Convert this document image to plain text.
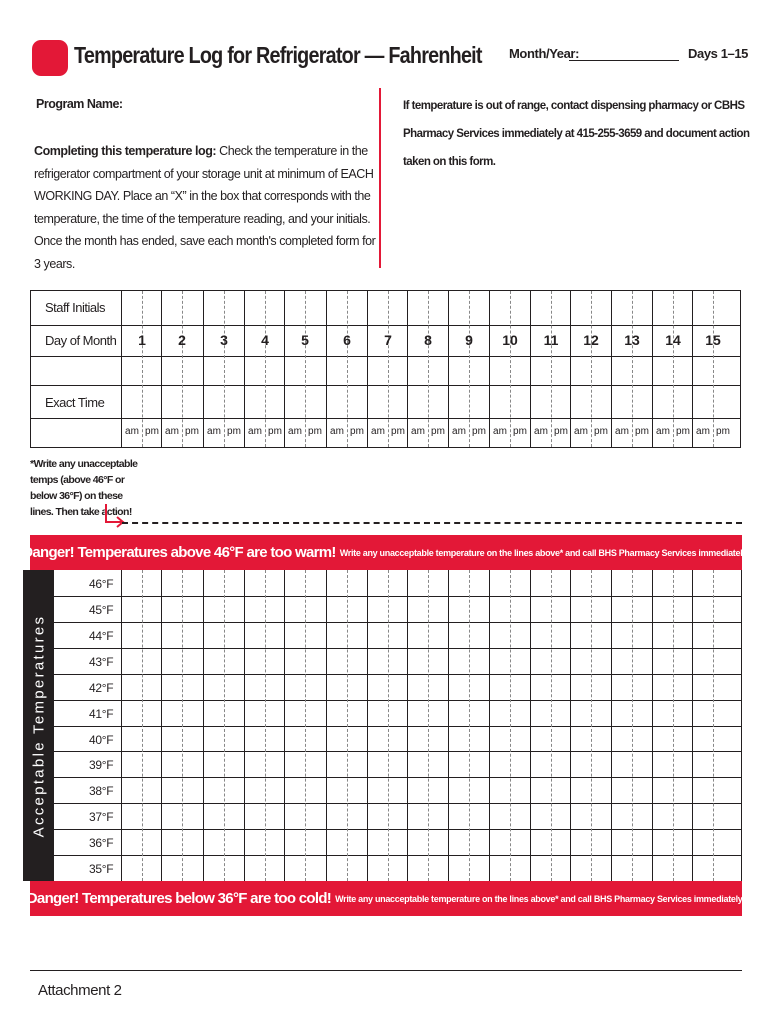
Temperature Log for Refrigerator — Fahrenheit Month/Year:	Days 1–15
Program Name:
Completing this temperature log: Check the temperature in the refrigerator compartment of your storage unit at minimum of EACH WORKING DAY. Place an “X” in the box that corresponds with the temperature, the time of the temperature reading, and your initials. Once the month has ended, save each month's completed form for 3 years.
If temperature is out of range, contact dispensing pharmacy or CBHS Pharmacy Services immediately at 415-255-3659 and document action taken on this form.
Staff Initials
Day of Month
Exact Time
1
am pm
2
am pm
3
am pm
4
am pm
5
am pm
6
am pm
7
am pm
8
am pm
9
am pm
10
am pm
11
am pm
12
am pm
13
am pm
14
am pm
15
am pm
*Write any unacceptable temps (above 46°F or below 36°F) on these lines. Then take action!
Danger! Temperatures above 46°F are too warm! Write any unacceptable temperature on the lines above* and call BHS Pharmacy Services immediately!
46°F
45°F
44°F
43°F
42°F
41°F
40°F
39°F
38°F
37°F
36°F
35°F
Acceptable Temperatures
Danger! Temperatures below 36°F are too cold! Write any unacceptable temperature on the lines above* and call BHS Pharmacy Services immediately!
Attachment 2
